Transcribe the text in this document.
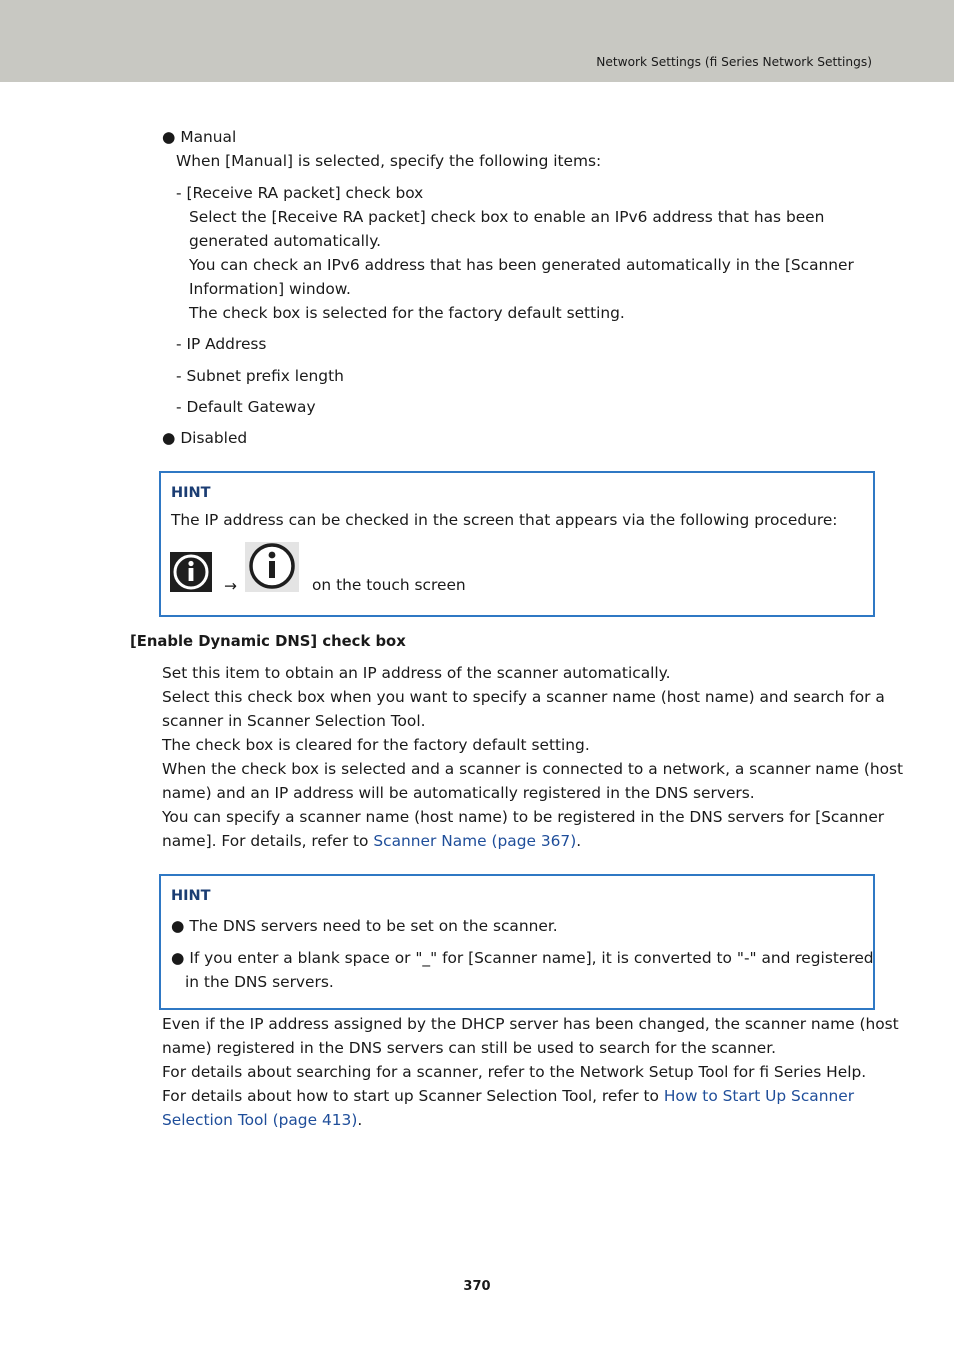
Network Settings (fi Series Network Settings)
● Manual
When [Manual] is selected, specify the following items:
- [Receive RA packet] check box
Select the [Receive RA packet] check box to enable an IPv6 address that has been
generated automatically.
You can check an IPv6 address that has been generated automatically in the [Scanner
Information] window.
The check box is selected for the factory default setting.
- IP Address
- Subnet prefix length
- Default Gateway
● Disabled
HINT
The IP address can be checked in the screen that appears via the following procedure:
→	on the touch screen
[Enable Dynamic DNS] check box
Set this item to obtain an IP address of the scanner automatically.
Select this check box when you want to specify a scanner name (host name) and search for a
scanner in Scanner Selection Tool.
The check box is cleared for the factory default setting.
When the check box is selected and a scanner is connected to a network, a scanner name (host
name) and an IP address will be automatically registered in the DNS servers.
You can specify a scanner name (host name) to be registered in the DNS servers for [Scanner
name]. For details, refer to Scanner Name (page 367).
HINT
● The DNS servers need to be set on the scanner.
● If you enter a blank space or "_" for [Scanner name], it is converted to "-" and registered
in the DNS servers.
Even if the IP address assigned by the DHCP server has been changed, the scanner name (host
name) registered in the DNS servers can still be used to search for the scanner.
For details about searching for a scanner, refer to the Network Setup Tool for fi Series Help.
For details about how to start up Scanner Selection Tool, refer to How to Start Up Scanner
Selection Tool (page 413).
370
